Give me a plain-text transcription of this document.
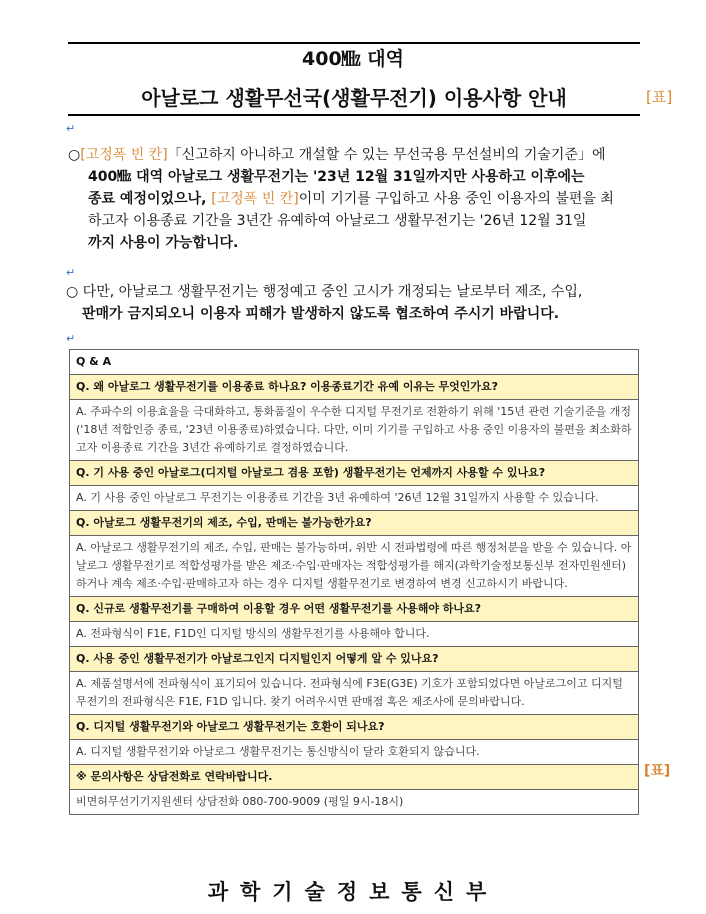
400㎒ 대역
아날로그 생활무선국(생활무전기) 이용사항 안내	[표]
↵
○[고정폭 빈 칸]「신고하지 아니하고 개설할 수 있는 무선국용 무선설비의 기술기준」에
400㎒ 대역 아날로그 생활무전기는 '23년 12월 31일까지만 사용하고 이후에는
종료 예정이었으나, [고정폭 빈 칸]이미 기기를 구입하고 사용 중인 이용자의 불편을 최
하고자 이용종료 기간을 3년간 유예하여 아날로그 생활무전기는 '26년 12월 31일
까지 사용이 가능합니다.
↵
○ 다만, 아날로그 생활무전기는 행정예고 중인 고시가 개정되는 날로부터 제조, 수입,
판매가 금지되오니 이용자 피해가 발생하지 않도록 협조하여 주시기 바랍니다.
↵
Q & A
Q. 왜 아날로그 생활무전기를 이용종료 하나요? 이용종료기간 유예 이유는 무엇인가요?
A. 주파수의 이용효율을 극대화하고, 통화품질이 우수한 디지털 무전기로 전환하기 위해 '15년 관련 기술기준을 개정('18년 적합인증 종료, '23년 이용종료)하였습니다. 다만, 이미 기기를 구입하고 사용 중인 이용자의 불편을 최소화하고자 이용종료 기간을 3년간 유예하기로 결정하였습니다.
Q. 기 사용 중인 아날로그(디지털 아날로그 겸용 포함) 생활무전기는 언제까지 사용할 수 있나요?
A. 기 사용 중인 아날로그 무전기는 이용종료 기간을 3년 유예하여 '26년 12월 31일까지 사용할 수 있습니다.
Q. 아날로그 생활무전기의 제조, 수입, 판매는 불가능한가요?
A. 아날로그 생활무전기의 제조, 수입, 판매는 불가능하며, 위반 시 전파법령에 따른 행정처분을 받을 수 있습니다. 아날로그 생활무전기로 적합성평가를 받은 제조·수입·판매자는 적합성평가를 해지(과학기술정보통신부 전자민원센터)하거나 계속 제조·수입·판매하고자 하는 경우 디지털 생활무전기로 변경하여 변경 신고하시기 바랍니다.
Q. 신규로 생활무전기를 구매하여 이용할 경우 어떤 생활무전기를 사용해야 하나요?
A. 전파형식이 F1E, F1D인 디지털 방식의 생활무전기를 사용해야 합니다.
Q. 사용 중인 생활무전기가 아날로그인지 디지털인지 어떻게 알 수 있나요?
A. 제품설명서에 전파형식이 표기되어 있습니다. 전파형식에 F3E(G3E) 기호가 포함되었다면 아날로그이고 디지털 무전기의 전파형식은 F1E, F1D 입니다. 찾기 어려우시면 판매점 혹은 제조사에 문의바랍니다.
Q. 디지털 생활무전기와 아날로그 생활무전기는 호환이 되나요?
A. 디지털 생활무전기와 아날로그 생활무전기는 통신방식이 달라 호환되지 않습니다.
※ 문의사항은 상담전화로 연락바랍니다.
비면허무선기기지원센터 상담전화 080-700-9009 (평일 9시-18시)
[표]
과학기술정보통신부
